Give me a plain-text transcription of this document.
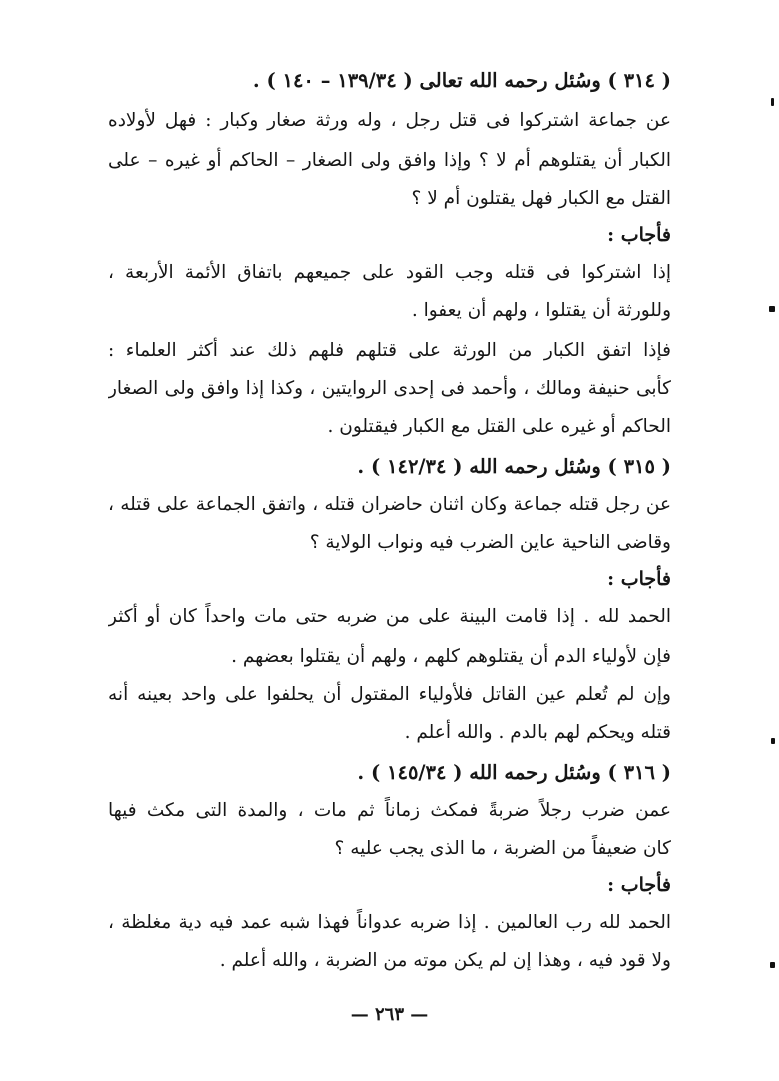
( ٣١٤ ) وسُئل رحمه الله تعالى ( ١٣٩/٣٤ – ١٤٠ ) .
عن جماعة اشتركوا فى قتل رجل ، وله ورثة صغار وكبار : فهل لأولاده
الكبار أن يقتلوهم أم لا ؟ وإذا وافق ولى الصغار – الحاكم أو غيره – على
القتل مع الكبار فهل يقتلون أم لا ؟
فأجاب :
إذا اشتركوا فى قتله وجب القود على جميعهم باتفاق الأئمة الأربعة ،
وللورثة أن يقتلوا ، ولهم أن يعفوا .
فإذا اتفق الكبار من الورثة على قتلهم فلهم ذلك عند أكثر العلماء :
كأبى حنيفة ومالك ، وأحمد فى إحدى الروايتين ، وكذا إذا وافق ولى الصغار
الحاكم أو غيره على القتل مع الكبار فيقتلون .
( ٣١٥ ) وسُئل رحمه الله ( ١٤٢/٣٤ ) .
عن رجل قتله جماعة وكان اثنان حاضران قتله ، واتفق الجماعة على قتله ،
وقاضى الناحية عاين الضرب فيه ونواب الولاية ؟
فأجاب :
الحمد لله . إذا قامت البينة على من ضربه حتى مات واحداً كان أو أكثر
فإن لأولياء الدم أن يقتلوهم كلهم ، ولهم أن يقتلوا بعضهم .
وإن لم تُعلم عين القاتل فلأولياء المقتول أن يحلفوا على واحد بعينه أنه
قتله ويحكم لهم بالدم . والله أعلم .
( ٣١٦ ) وسُئل رحمه الله ( ١٤٥/٣٤ ) .
عمن ضرب رجلاً ضربةً فمكث زماناً ثم مات ، والمدة التى مكث فيها
كان ضعيفاً من الضربة ، ما الذى يجب عليه ؟
فأجاب :
الحمد لله رب العالمين . إذا ضربه عدواناً فهذا شبه عمد فيه دية مغلظة ،
ولا قود فيه ، وهذا إن لم يكن موته من الضربة ، والله أعلم .
— ٢٦٣ —
